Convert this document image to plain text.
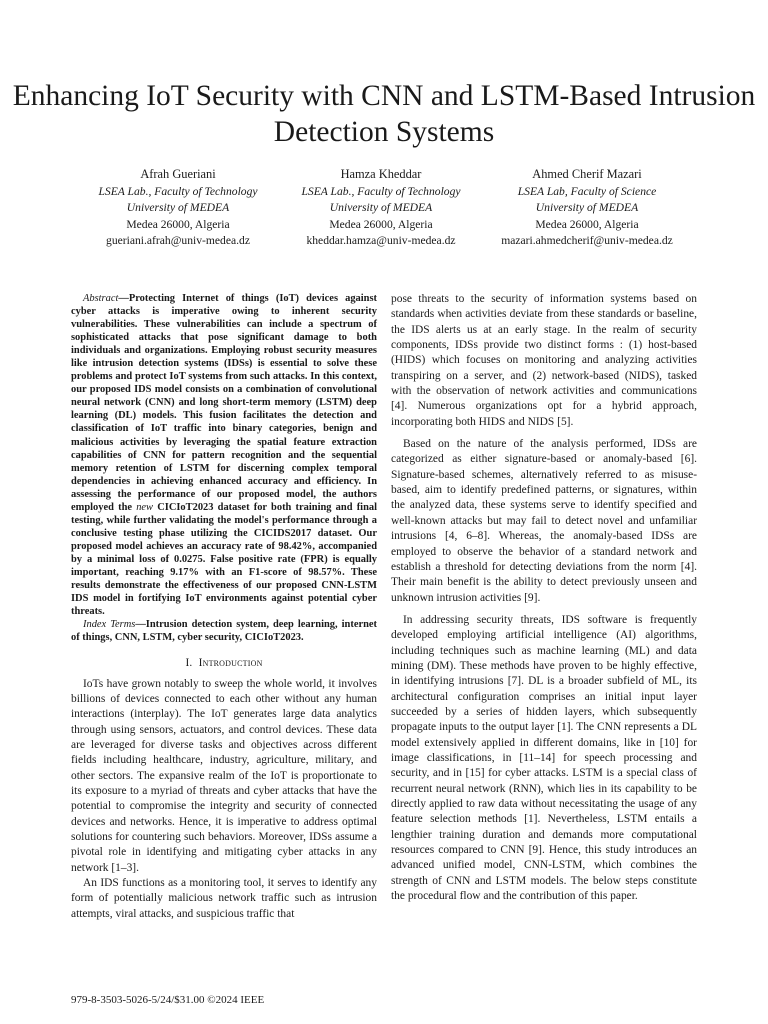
Enhancing IoT Security with CNN and LSTM-Based Intrusion Detection Systems
Afrah Gueriani
LSEA Lab., Faculty of Technology
University of MEDEA
Medea 26000, Algeria
gueriani.afrah@univ-medea.dz
Hamza Kheddar
LSEA Lab., Faculty of Technology
University of MEDEA
Medea 26000, Algeria
kheddar.hamza@univ-medea.dz
Ahmed Cherif Mazari
LSEA Lab, Faculty of Science
University of MEDEA
Medea 26000, Algeria
mazari.ahmedcherif@univ-medea.dz

Abstract—Protecting Internet of things (IoT) devices against cyber attacks is imperative owing to inherent security vulnerabilities. These vulnerabilities can include a spectrum of sophisticated attacks that pose significant damage to both individuals and organizations. Employing robust security measures like intrusion detection systems (IDSs) is essential to solve these problems and protect IoT systems from such attacks. In this context, our proposed IDS model consists on a combination of convolutional neural network (CNN) and long short-term memory (LSTM) deep learning (DL) models. This fusion facilitates the detection and classification of IoT traffic into binary categories, benign and malicious activities by leveraging the spatial feature extraction capabilities of CNN for pattern recognition and the sequential memory retention of LSTM for discerning complex temporal dependencies in achieving enhanced accuracy and efficiency. In assessing the performance of our proposed model, the authors employed the new CICIoT2023 dataset for both training and final testing, while further validating the model's performance through a conclusive testing phase utilizing the CICIDS2017 dataset. Our proposed model achieves an accuracy rate of 98.42%, accompanied by a minimal loss of 0.0275. False positive rate (FPR) is equally important, reaching 9.17% with an F1-score of 98.57%. These results demonstrate the effectiveness of our proposed CNN-LSTM IDS model in fortifying IoT environments against potential cyber threats.

Index Terms—Intrusion detection system, deep learning, internet of things, CNN, LSTM, cyber security, CICIoT2023.

I. Introduction

IoTs have grown notably to sweep the whole world, it involves billions of devices connected to each other without any human interactions (interplay). The IoT generates large data analytics through using sensors, actuators, and control devices. These data are leveraged for diverse tasks and objectives across different fields including healthcare, industry, agriculture, military, and other sectors. The expansive realm of the IoT is proportionate to its exposure to a myriad of threats and cyber attacks that have the potential to compromise the integrity and security of connected devices and networks. Hence, it is imperative to address optimal solutions for countering such behaviors. Moreover, IDSs assume a pivotal role in identifying and mitigating cyber attacks in any network [1–3].

An IDS functions as a monitoring tool, it serves to identify any form of potentially malicious network traffic such as intrusion attempts, viral attacks, and suspicious traffic that

pose threats to the security of information systems based on standards when activities deviate from these standards or baseline, the IDS alerts us at an early stage. In the realm of security components, IDSs provide two distinct forms : (1) host-based (HIDS) which focuses on monitoring and analyzing activities transpiring on a server, and (2) network-based (NIDS), tasked with the observation of network activities and communications [4]. Numerous organizations opt for a hybrid approach, incorporating both HIDS and NIDS [5].

Based on the nature of the analysis performed, IDSs are categorized as either signature-based or anomaly-based [6]. Signature-based schemes, alternatively referred to as misuse-based, aim to identify predefined patterns, or signatures, within the analyzed data, these systems serve to identify specified and well-known attacks but may fail to detect novel and unfamiliar intrusions [4, 6–8]. Whereas, the anomaly-based IDSs are employed to observe the behavior of a standard network and establish a threshold for detecting deviations from the norm [4]. Their main benefit is the ability to detect previously unseen and unknown intrusion activities [9].

In addressing security threats, IDS software is frequently developed employing artificial intelligence (AI) algorithms, including techniques such as machine learning (ML) and data mining (DM). These methods have proven to be highly effective, in identifying intrusions [7]. DL is a broader subfield of ML, its architectural configuration comprises an initial input layer succeeded by a series of hidden layers, which subsequently propagate inputs to the output layer [1]. The CNN represents a DL model extensively applied in different domains, like in [10] for image classifications, in [11–14] for speech processing and security, and in [15] for cyber attacks. LSTM is a special class of recurrent neural network (RNN), which lies in its capability to be directly applied to raw data without necessitating the usage of any feature selection methods [1]. Nevertheless, LSTM entails a lengthier training duration and demands more computational resources compared to CNN [9]. Hence, this study introduces an advanced unified model, CNN-LSTM, which combines the strength of CNN and LSTM models. The below steps constitute the procedural flow and the contribution of this paper.

979-8-3503-5026-5/24/$31.00 ©2024 IEEE
